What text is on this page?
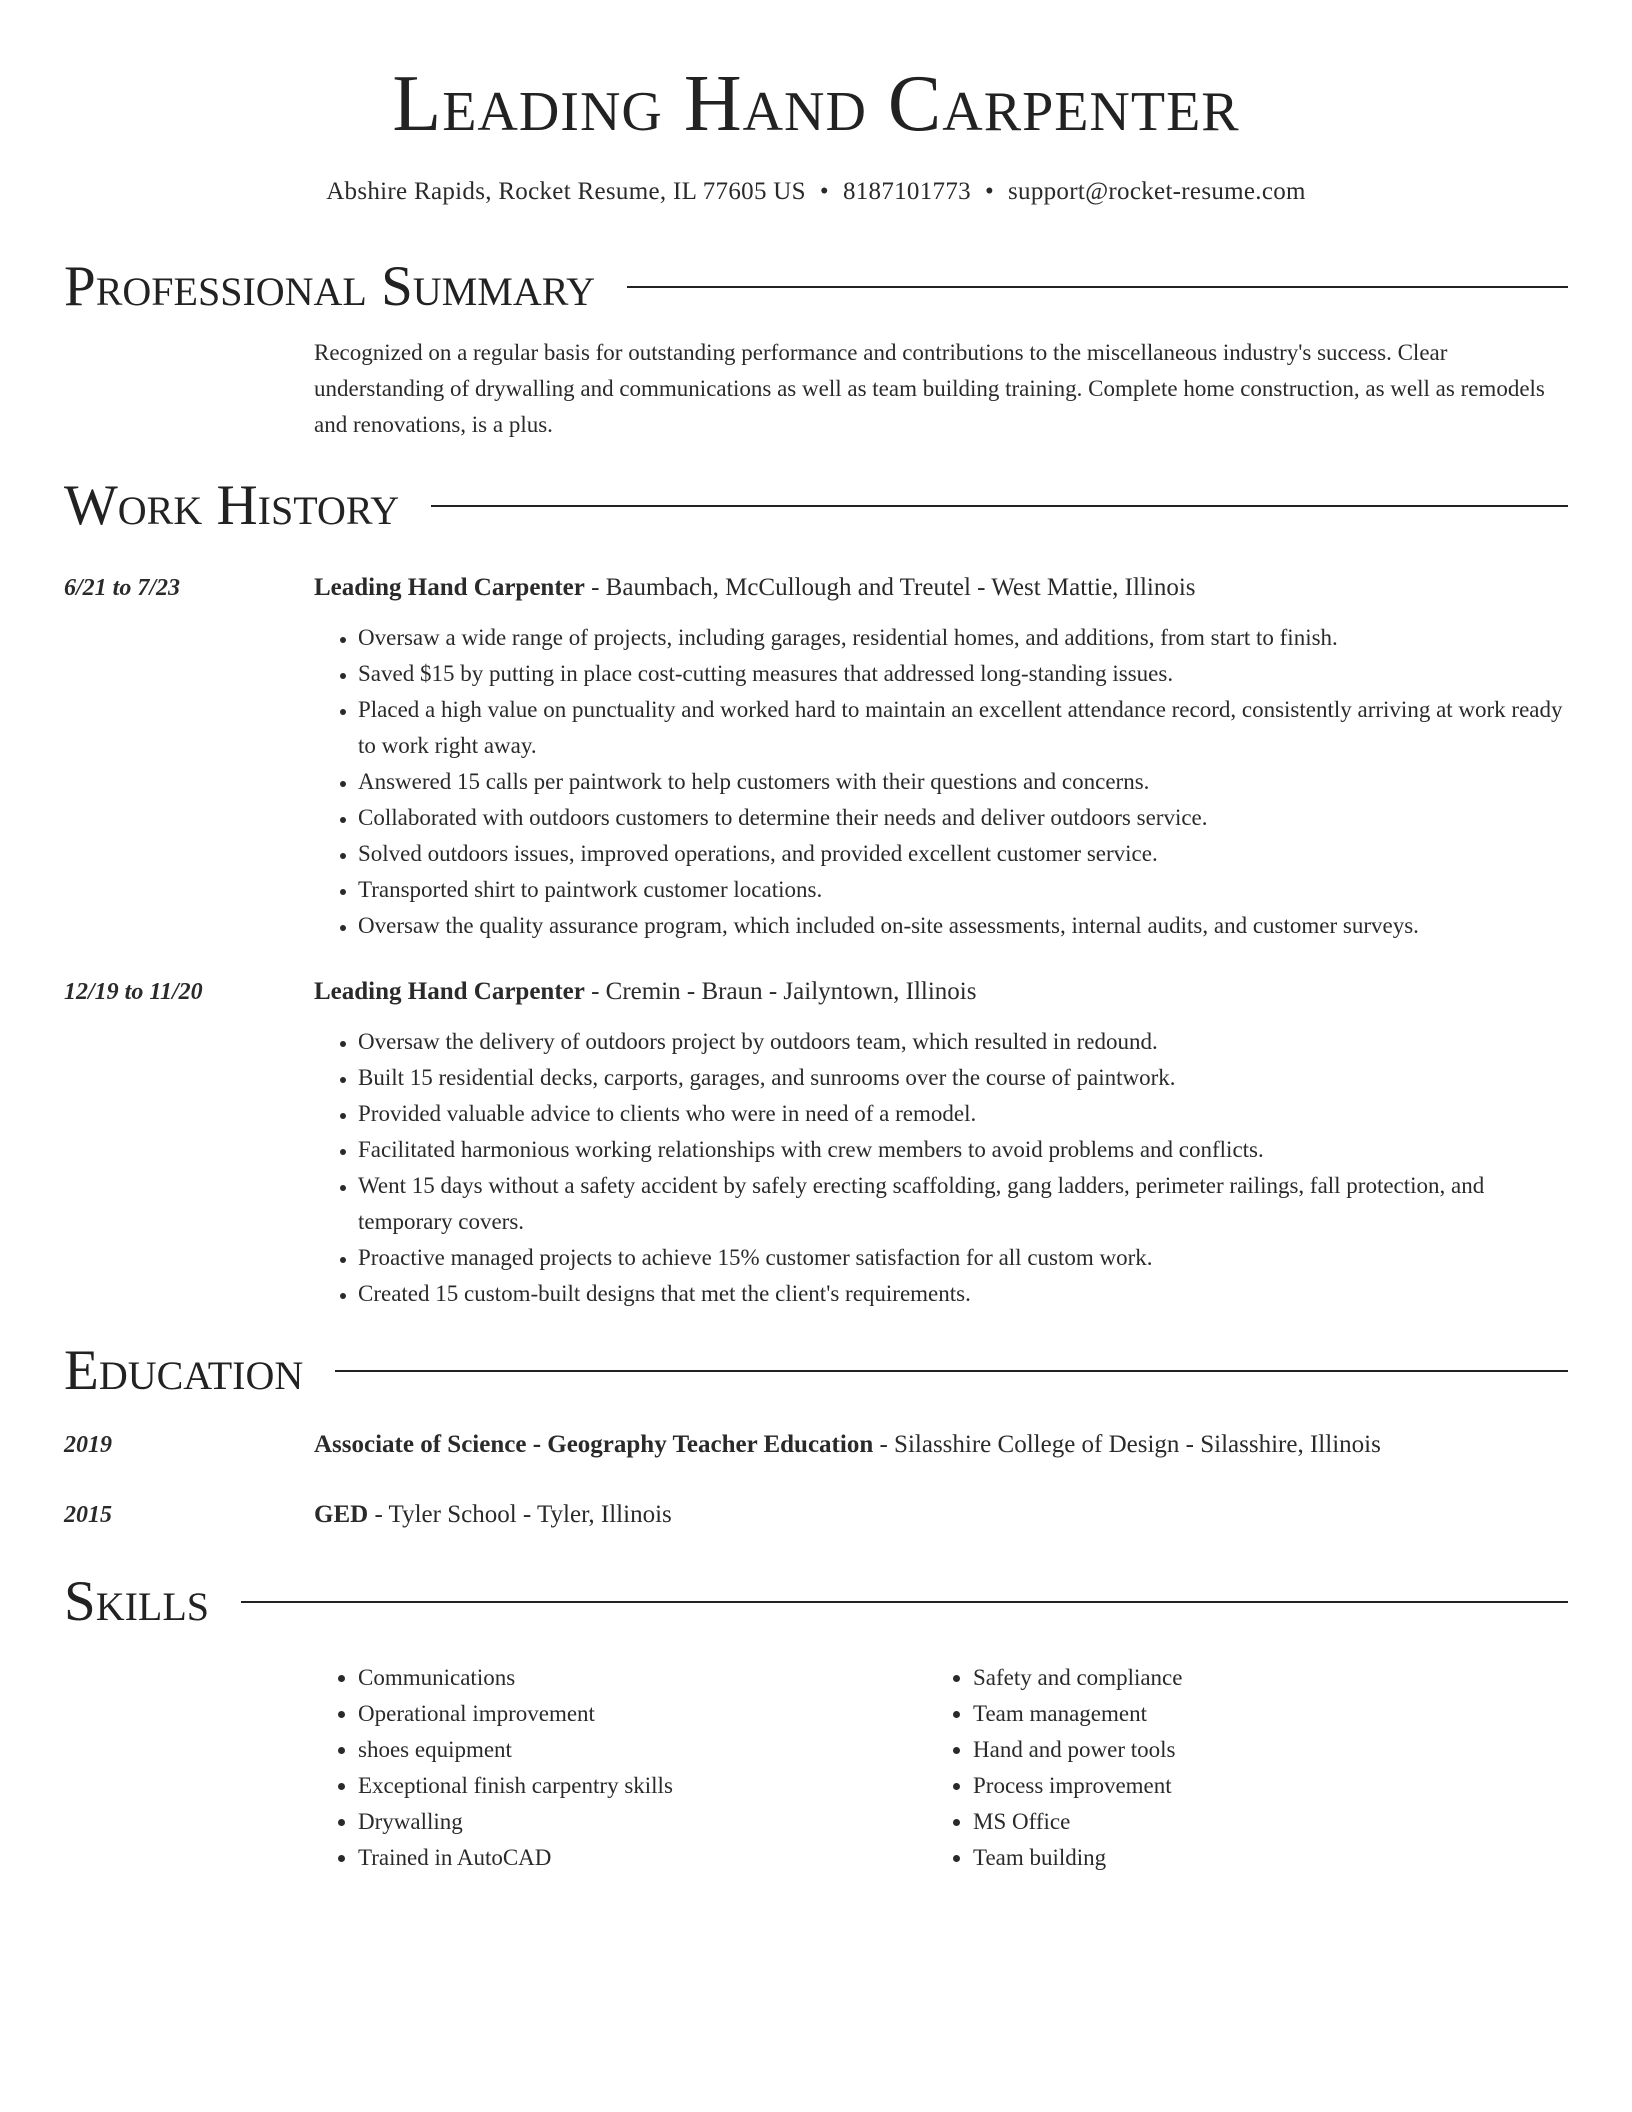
Leading Hand Carpenter
Abshire Rapids, Rocket Resume, IL 77605 US • 8187101773 • support@rocket-resume.com
Professional Summary

Recognized on a regular basis for outstanding performance and contributions to the miscellaneous industry's success. Clear understanding of drywalling and communications as well as team building training. Complete home construction, as well as remodels and renovations, is a plus.

Work History
6/21 to 7/23	Leading Hand Carpenter - Baumbach, McCullough and Treutel - West Mattie, Illinois
• Oversaw a wide range of projects, including garages, residential homes, and additions, from start to finish.
• Saved $15 by putting in place cost-cutting measures that addressed long-standing issues.
• Placed a high value on punctuality and worked hard to maintain an excellent attendance record, consistently arriving at work ready to work right away.
• Answered 15 calls per paintwork to help customers with their questions and concerns.
• Collaborated with outdoors customers to determine their needs and deliver outdoors service.
• Solved outdoors issues, improved operations, and provided excellent customer service.
• Transported shirt to paintwork customer locations.
• Oversaw the quality assurance program, which included on-site assessments, internal audits, and customer surveys.
12/19 to 11/20	Leading Hand Carpenter - Cremin - Braun - Jailyntown, Illinois
• Oversaw the delivery of outdoors project by outdoors team, which resulted in redound.
• Built 15 residential decks, carports, garages, and sunrooms over the course of paintwork.
• Provided valuable advice to clients who were in need of a remodel.
• Facilitated harmonious working relationships with crew members to avoid problems and conflicts.
• Went 15 days without a safety accident by safely erecting scaffolding, gang ladders, perimeter railings, fall protection, and temporary covers.
• Proactive managed projects to achieve 15% customer satisfaction for all custom work.
• Created 15 custom-built designs that met the client's requirements.
Education
2019	Associate of Science - Geography Teacher Education - Silasshire College of Design - Silasshire, Illinois
2015	GED - Tyler School - Tyler, Illinois
Skills
• Communications
• Operational improvement
• shoes equipment
• Exceptional finish carpentry skills
• Drywalling
• Trained in AutoCAD
• Safety and compliance
• Team management
• Hand and power tools
• Process improvement
• MS Office
• Team building
